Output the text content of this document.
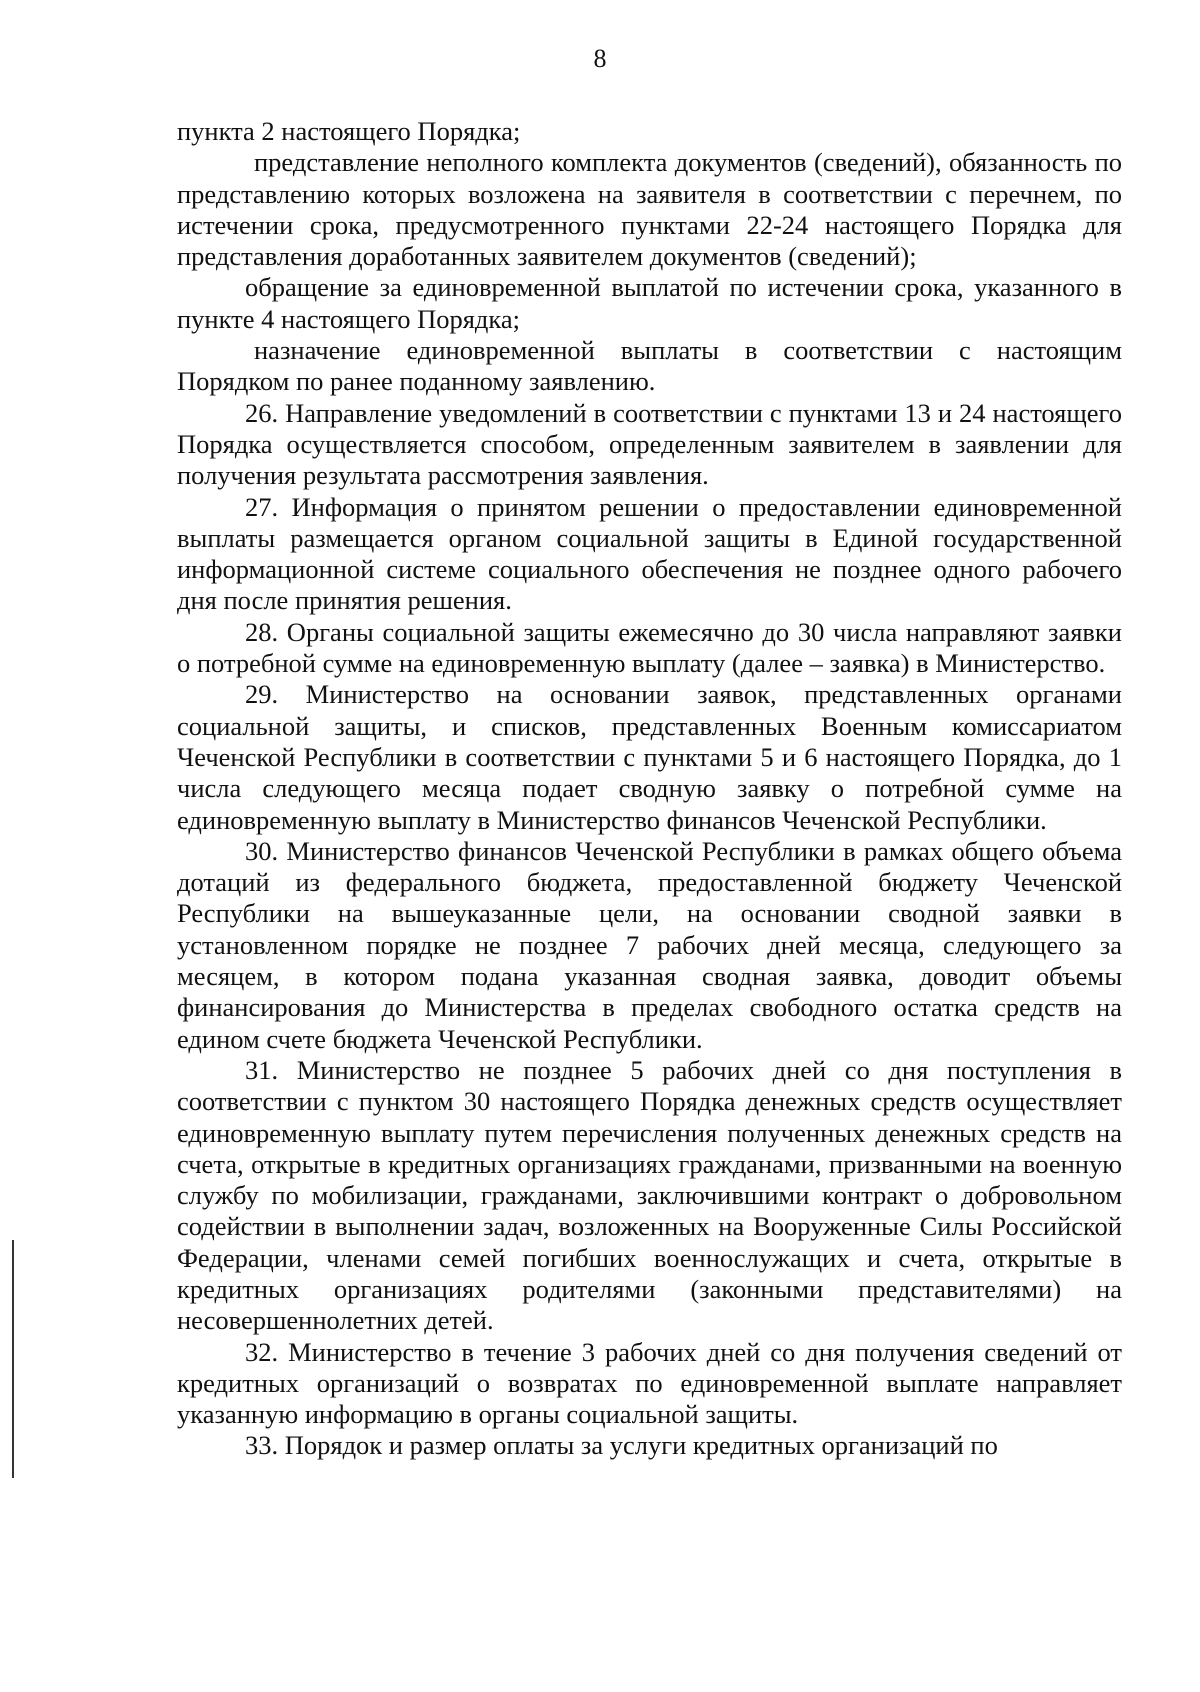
8

пункта 2 настоящего Порядка;

представление неполного комплекта документов (сведений), обязанность по представлению которых возложена на заявителя в соответствии с перечнем, по истечении срока, предусмотренного пунктами 22-24 настоящего Порядка для представления доработанных заявителем документов (сведений);

обращение за единовременной выплатой по истечении срока, указанного в пункте 4 настоящего Порядка;

назначение единовременной выплаты в соответствии с настоящим Порядком по ранее поданному заявлению.

26. Направление уведомлений в соответствии с пунктами 13 и 24 настоящего Порядка осуществляется способом, определенным заявителем в заявлении для получения результата рассмотрения заявления.

27. Информация о принятом решении о предоставлении единовременной выплаты размещается органом социальной защиты в Единой государственной информационной системе социального обеспечения не позднее одного рабочего дня после принятия решения.

28. Органы социальной защиты ежемесячно до 30 числа направляют заявки о потребной сумме на единовременную выплату (далее – заявка) в Министерство.

29. Министерство на основании заявок, представленных органами социальной защиты, и списков, представленных Военным комиссариатом Чеченской Республики в соответствии с пунктами 5 и 6 настоящего Порядка, до 1 числа следующего месяца подает сводную заявку о потребной сумме на единовременную выплату в Министерство финансов Чеченской Республики.

30. Министерство финансов Чеченской Республики в рамках общего объема дотаций из федерального бюджета, предоставленной бюджету Чеченской Республики на вышеуказанные цели, на основании сводной заявки в установленном порядке не позднее 7 рабочих дней месяца, следующего за месяцем, в котором подана указанная сводная заявка, доводит объемы финансирования до Министерства в пределах свободного остатка средств на едином счете бюджета Чеченской Республики.

31. Министерство не позднее 5 рабочих дней со дня поступления в соответствии с пунктом 30 настоящего Порядка денежных средств осуществляет единовременную выплату путем перечисления полученных денежных средств на счета, открытые в кредитных организациях гражданами, призванными на военную службу по мобилизации, гражданами, заключившими контракт о добровольном содействии в выполнении задач, возложенных на Вооруженные Силы Российской Федерации, членами семей погибших военнослужащих и счета, открытые в кредитных организациях родителями (законными представителями) на несовершеннолетних детей.

32. Министерство в течение 3 рабочих дней со дня получения сведений от кредитных организаций о возвратах по единовременной выплате направляет указанную информацию в органы социальной защиты.

33. Порядок и размер оплаты за услуги кредитных организаций по
